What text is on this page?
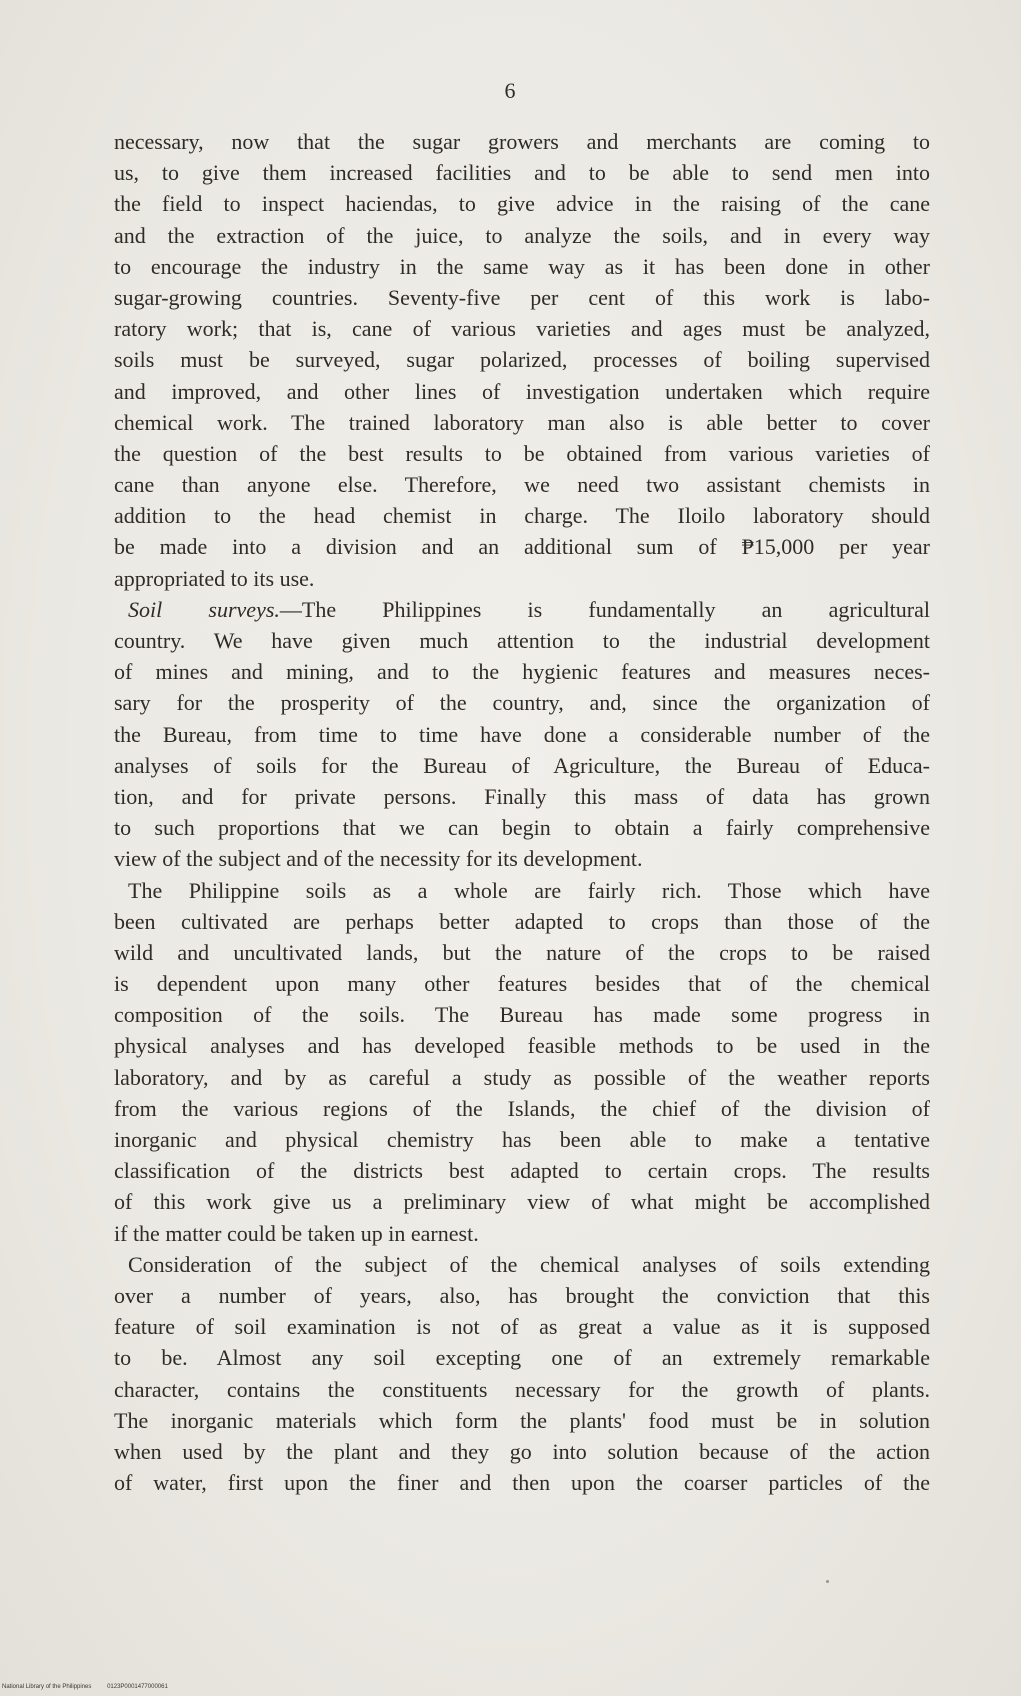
6
necessary, now that the sugar growers and merchants are coming to
us, to give them increased facilities and to be able to send men into
the field to inspect haciendas, to give advice in the raising of the cane
and the extraction of the juice, to analyze the soils, and in every way
to encourage the industry in the same way as it has been done in other
sugar-growing countries. Seventy-five per cent of this work is labo-
ratory work; that is, cane of various varieties and ages must be analyzed,
soils must be surveyed, sugar polarized, processes of boiling supervised
and improved, and other lines of investigation undertaken which require
chemical work. The trained laboratory man also is able better to cover
the question of the best results to be obtained from various varieties of
cane than anyone else. Therefore, we need two assistant chemists in
addition to the head chemist in charge. The Iloilo laboratory should
be made into a division and an additional sum of ₱15,000 per year
appropriated to its use.
Soil surveys.—The Philippines is fundamentally an agricultural
country. We have given much attention to the industrial development
of mines and mining, and to the hygienic features and measures neces-
sary for the prosperity of the country, and, since the organization of
the Bureau, from time to time have done a considerable number of the
analyses of soils for the Bureau of Agriculture, the Bureau of Educa-
tion, and for private persons. Finally this mass of data has grown
to such proportions that we can begin to obtain a fairly comprehensive
view of the subject and of the necessity for its development.
The Philippine soils as a whole are fairly rich. Those which have
been cultivated are perhaps better adapted to crops than those of the
wild and uncultivated lands, but the nature of the crops to be raised
is dependent upon many other features besides that of the chemical
composition of the soils. The Bureau has made some progress in
physical analyses and has developed feasible methods to be used in the
laboratory, and by as careful a study as possible of the weather reports
from the various regions of the Islands, the chief of the division of
inorganic and physical chemistry has been able to make a tentative
classification of the districts best adapted to certain crops. The results
of this work give us a preliminary view of what might be accomplished
if the matter could be taken up in earnest.
Consideration of the subject of the chemical analyses of soils extending
over a number of years, also, has brought the conviction that this
feature of soil examination is not of as great a value as it is supposed
to be. Almost any soil excepting one of an extremely remarkable
character, contains the constituents necessary for the growth of plants.
The inorganic materials which form the plants' food must be in solution
when used by the plant and they go into solution because of the action
of water, first upon the finer and then upon the coarser particles of the
National Library of the Philippines	0123P0001477000061
